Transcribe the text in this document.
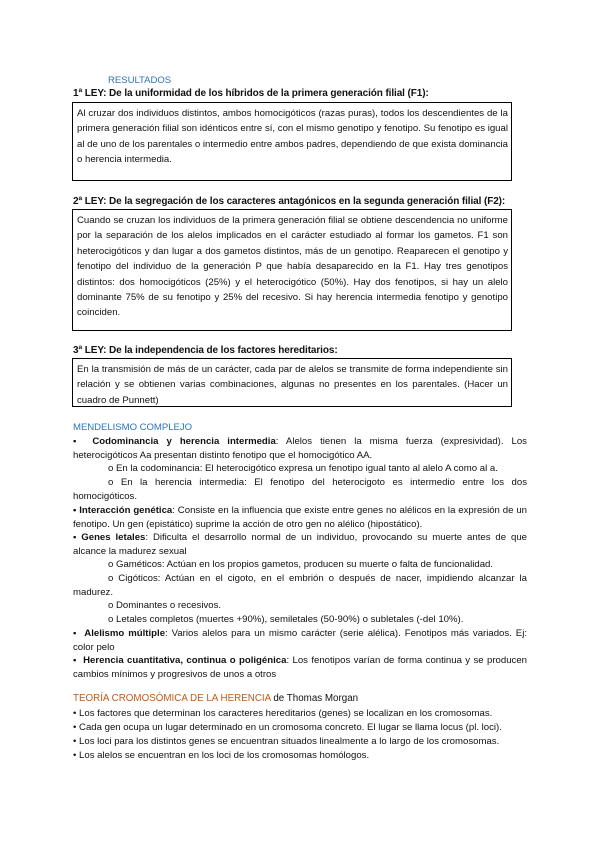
RESULTADOS
1ª LEY: De la uniformidad de los híbridos de la primera generación filial (F1):
Al cruzar dos individuos distintos, ambos homocigóticos (razas puras), todos los descendientes de la primera generación filial son idénticos entre sí, con el mismo genotipo y fenotipo. Su fenotipo es igual al de uno de los parentales o intermedio entre ambos padres, dependiendo de que exista dominancia o herencia intermedia.
2ª LEY: De la segregación de los caracteres antagónicos en la segunda generación filial (F2):
Cuando se cruzan los individuos de la primera generación filial se obtiene descendencia no uniforme por la separación de los alelos implicados en el carácter estudiado al formar los gametos. F1 son heterocigóticos y dan lugar a dos gametos distintos, más de un genotipo. Reaparecen el genotipo y fenotipo del individuo de la generación P que había desaparecido en la F1. Hay tres genotipos distintos: dos homocigóticos (25%) y el heterocigótico (50%). Hay dos fenotipos, si hay un alelo dominante 75% de su fenotipo y 25% del recesivo. Si hay herencia intermedia fenotipo y genotipo coinciden.
3ª LEY: De la independencia de los factores hereditarios:
En la transmisión de más de un carácter, cada par de alelos se transmite de forma independiente sin relación y se obtienen varias combinaciones, algunas no presentes en los parentales. (Hacer un cuadro de Punnett)
MENDELISMO COMPLEJO
•  Codominancia y herencia intermedia: Alelos tienen la misma fuerza (expresividad). Los heterocigóticos Aa presentan distinto fenotipo que el homocigótico AA.
o En la codominancia: El heterocigótico expresa un fenotipo igual tanto al alelo A como al a.
o En la herencia intermedia: El fenotipo del heterocigoto es intermedio entre los dos homocigóticos.
• Interacción genética: Consiste en la influencia que existe entre genes no alélicos en la expresión de un fenotipo. Un gen (epistático) suprime la acción de otro gen no alélico (hipostático).
• Genes letales: Dificulta el desarrollo normal de un individuo, provocando su muerte antes de que alcance la madurez sexual
o Gaméticos: Actúan en los propios gametos, producen su muerte o falta de funcionalidad.
o Cigóticos: Actúan en el cigoto, en el embrión o después de nacer, impidiendo alcanzar la madurez.
o Dominantes o recesivos.
o Letales completos (muertes +90%), semiletales (50-90%) o subletales (-del 10%).
•  Alelismo múltiple: Varios alelos para un mismo carácter (serie alélica). Fenotipos más variados. Ej: color pelo
•  Herencia cuantitativa, continua o poligénica: Los fenotipos varían de forma continua y se producen cambios mínimos y progresivos de unos a otros
TEORÍA CROMOSÓMICA DE LA HERENCIA de Thomas Morgan
• Los factores que determinan los caracteres hereditarios (genes) se localizan en los cromosomas.
• Cada gen ocupa un lugar determinado en un cromosoma concreto. El lugar se llama locus (pl. loci).
• Los loci para los distintos genes se encuentran situados linealmente a lo largo de los cromosomas.
• Los alelos se encuentran en los loci de los cromosomas homólogos.
